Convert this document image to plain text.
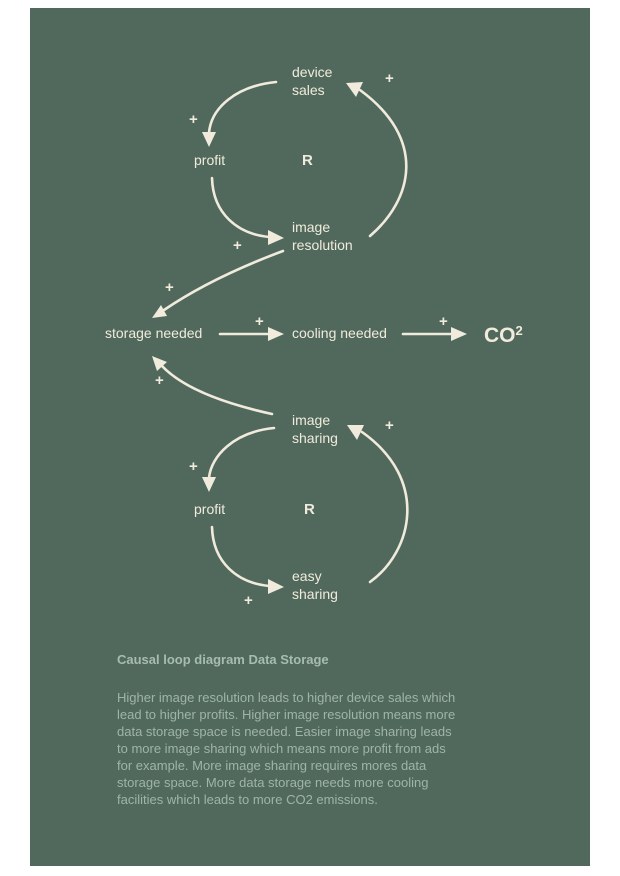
device
sales
profit	R
image
resolution
+
+
+
+
storage needed	cooling needed	$CO^2$
+	+
+
image
sharing
profit	R
easy
sharing
+
+
+

Causal loop diagram Data Storage

Higher image resolution leads to higher device sales which
lead to higher profits. Higher image resolution means more
data storage space is needed. Easier image sharing leads
to more image sharing which means more profit from ads
for example. More image sharing requires mores data
storage space. More data storage needs more cooling
facilities which leads to more CO2 emissions.
